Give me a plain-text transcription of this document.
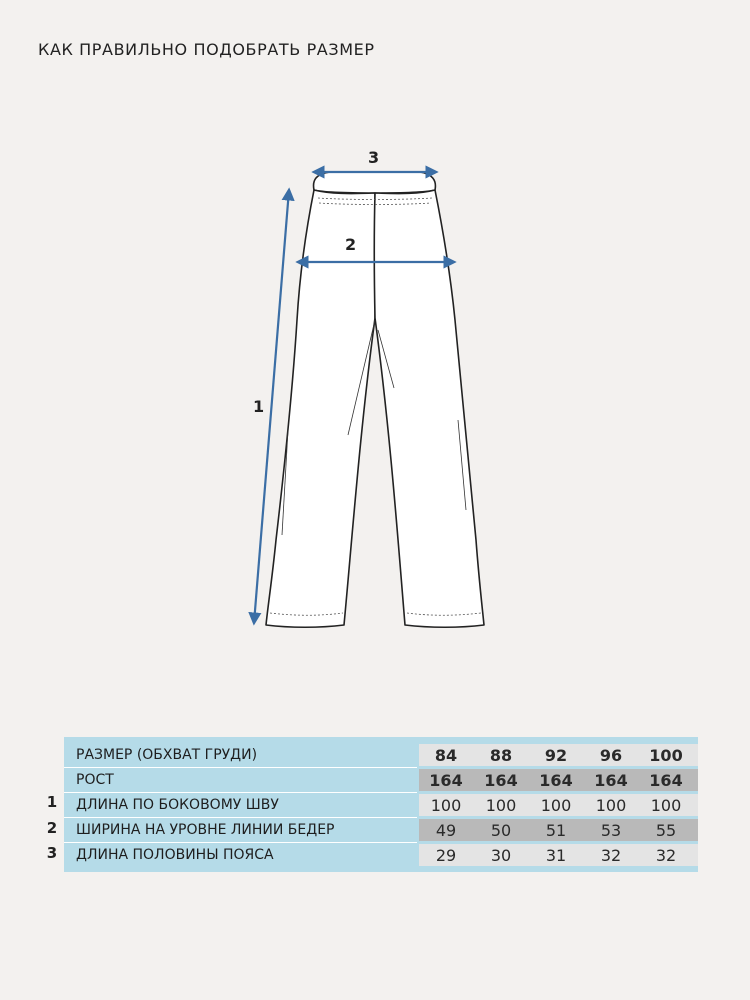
КАК ПРАВИЛЬНО ПОДОБРАТЬ РАЗМЕР
3
2
1
1
2
3
РАЗМЕР (ОБХВАТ ГРУДИ)	84	88	92	96	100
РОСТ	164	164	164	164	164
ДЛИНА ПО БОКОВОМУ ШВУ	100	100	100	100	100
ШИРИНА НА УРОВНЕ ЛИНИИ БЕДЕР	49	50	51	53	55
ДЛИНА ПОЛОВИНЫ ПОЯСА	29	30	31	32	32
